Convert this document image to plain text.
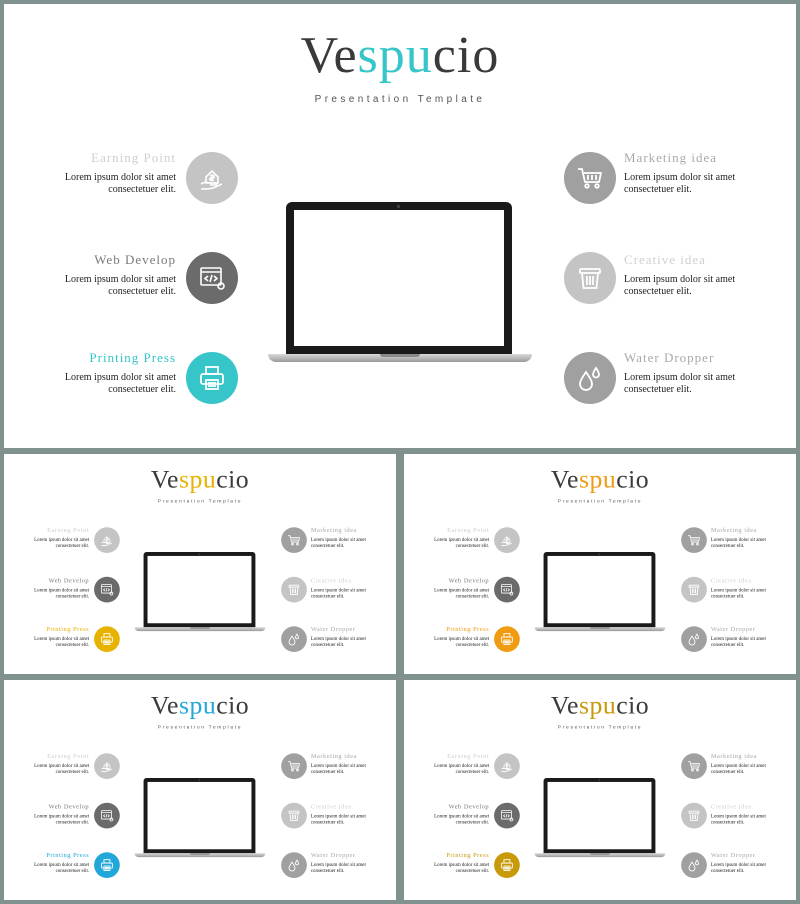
Vespucio
Presentation Template
Earning Point
Lorem ipsum dolor sit amet
consectetuer elit.
Web Develop
Lorem ipsum dolor sit amet
consectetuer elit.
Printing Press
Lorem ipsum dolor sit amet
consectetuer elit.
Marketing idea
Lorem ipsum dolor sit amet
consectetuer elit.
Creative idea
Lorem ipsum dolor sit amet
consectetuer elit.
Water Dropper
Lorem ipsum dolor sit amet
consectetuer elit.
Vespucio
Presentation Template
Earning Point
Lorem ipsum dolor sit amet
consectetuer elit.
Web Develop
Lorem ipsum dolor sit amet
consectetuer elit.
Printing Press
Lorem ipsum dolor sit amet
consectetuer elit.
Marketing idea
Lorem ipsum dolor sit amet
consectetuer elit.
Creative idea
Lorem ipsum dolor sit amet
consectetuer elit.
Water Dropper
Lorem ipsum dolor sit amet
consectetuer elit.
Vespucio
Presentation Template
Earning Point
Lorem ipsum dolor sit amet
consectetuer elit.
Web Develop
Lorem ipsum dolor sit amet
consectetuer elit.
Printing Press
Lorem ipsum dolor sit amet
consectetuer elit.
Marketing idea
Lorem ipsum dolor sit amet
consectetuer elit.
Creative idea
Lorem ipsum dolor sit amet
consectetuer elit.
Water Dropper
Lorem ipsum dolor sit amet
consectetuer elit.
Vespucio
Presentation Template
Earning Point
Lorem ipsum dolor sit amet
consectetuer elit.
Web Develop
Lorem ipsum dolor sit amet
consectetuer elit.
Printing Press
Lorem ipsum dolor sit amet
consectetuer elit.
Marketing idea
Lorem ipsum dolor sit amet
consectetuer elit.
Creative idea
Lorem ipsum dolor sit amet
consectetuer elit.
Water Dropper
Lorem ipsum dolor sit amet
consectetuer elit.
Vespucio
Presentation Template
Earning Point
Lorem ipsum dolor sit amet
consectetuer elit.
Web Develop
Lorem ipsum dolor sit amet
consectetuer elit.
Printing Press
Lorem ipsum dolor sit amet
consectetuer elit.
Marketing idea
Lorem ipsum dolor sit amet
consectetuer elit.
Creative idea
Lorem ipsum dolor sit amet
consectetuer elit.
Water Dropper
Lorem ipsum dolor sit amet
consectetuer elit.
